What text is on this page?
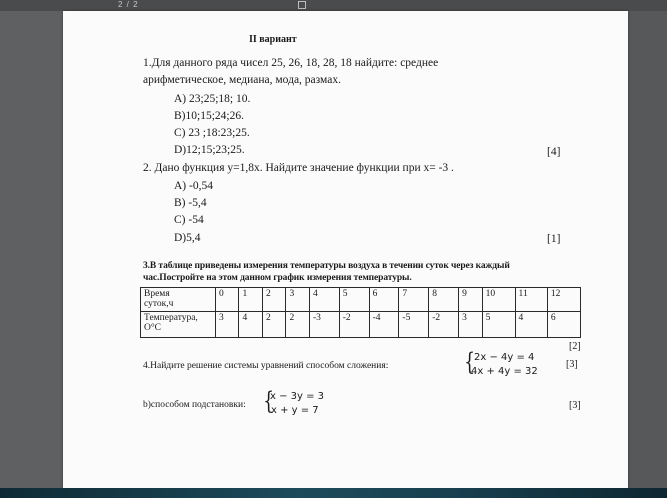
2 / 2
II вариант
1.Для данного ряда чисел 25, 26, 18, 28, 18 найдите: среднее
арифметическое, медиана, мода, размах.
A) 23;25;18; 10.
B)10;15;24;26.
C) 23 ;18:23;25.
D)12;15;23;25.	[4]
2. Дано функция y=1,8x. Найдите значение функции при x= -3 .
A) -0,54
B) -5,4
C) -54
D)5,4	[1]
3.В таблице приведены измерения температуры воздуха в течении суток через каждый
час.Постройте на этом данном график измерения температуры.
Время
суток,ч	0	1	2	3	4	5	6	7	8	9	10	11	12
Температура,
O°C	3	4	2	2	-3	-2	-4	-5	-2	3	5	4	6
[2]
4.Найдите решение системы уравнений способом сложения:	{ 2x − 4y = 4
4x + 4y = 32
[3]
b)способом подстановки: {
x − 3y = 3
x + y = 7	[3]
